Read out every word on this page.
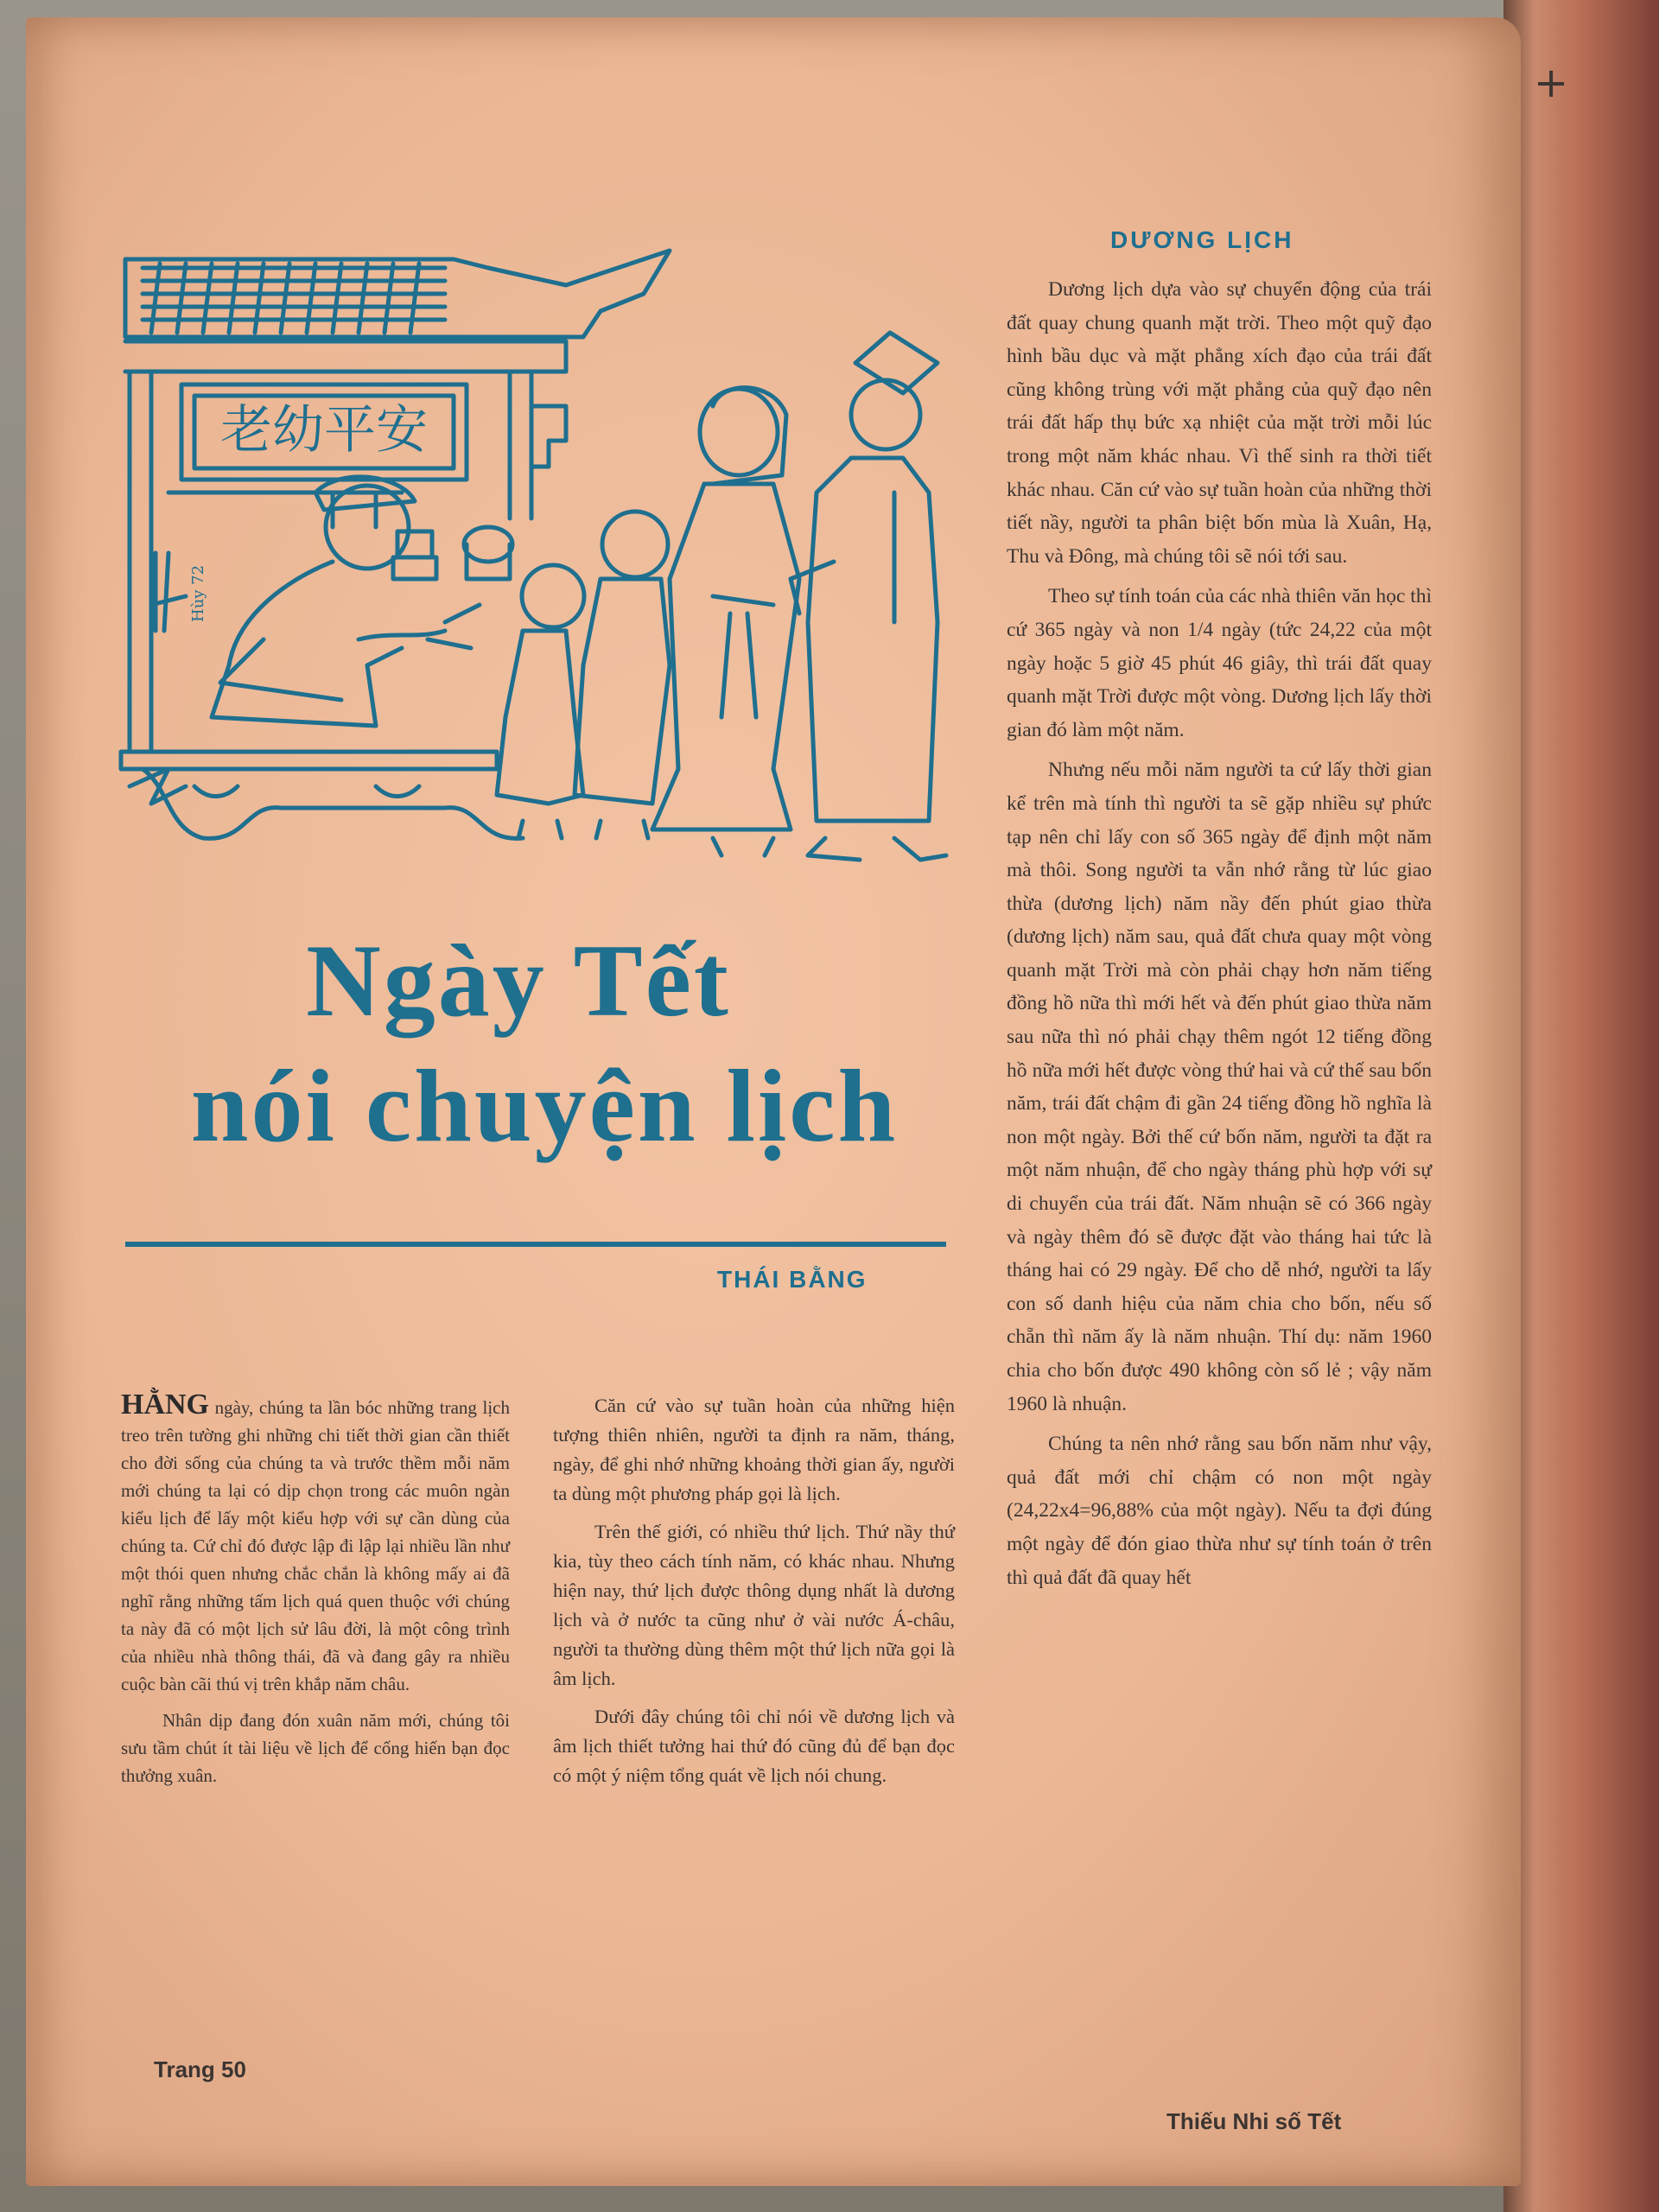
+
老幼平安
Hùy 72
Ngày Tết
nói chuyện lịch
THÁI BẰNG

HẰNG ngày, chúng ta lần bóc những trang lịch treo trên tường ghi những chi tiết thời gian cần thiết cho đời sống của chúng ta và trước thềm mỗi năm mới chúng ta lại có dịp chọn trong các muôn ngàn kiểu lịch để lấy một kiểu hợp với sự cần dùng của chúng ta. Cứ chỉ đó được lập đi lập lại nhiều lần như một thói quen nhưng chắc chắn là không mấy ai đã nghĩ rằng những tấm lịch quá quen thuộc với chúng ta này đã có một lịch sử lâu đời, là một công trình của nhiều nhà thông thái, đã và đang gây ra nhiều cuộc bàn cãi thú vị trên khắp năm châu.

Nhân dịp đang đón xuân năm mới, chúng tôi sưu tầm chút ít tài liệu về lịch để cống hiến bạn đọc thưởng xuân.

Căn cứ vào sự tuần hoàn của những hiện tượng thiên nhiên, người ta định ra năm, tháng, ngày, để ghi nhớ những khoảng thời gian ấy, người ta dùng một phương pháp gọi là lịch.

Trên thế giới, có nhiều thứ lịch. Thứ nầy thứ kia, tùy theo cách tính năm, có khác nhau. Nhưng hiện nay, thứ lịch được thông dụng nhất là dương lịch và ở nước ta cũng như ở vài nước Á-châu, người ta thường dùng thêm một thứ lịch nữa gọi là âm lịch.

Dưới đây chúng tôi chỉ nói về dương lịch và âm lịch thiết tưởng hai thứ đó cũng đủ để bạn đọc có một ý niệm tổng quát về lịch nói chung.

DƯƠNG LỊCH

Dương lịch dựa vào sự chuyển động của trái đất quay chung quanh mặt trời. Theo một quỹ đạo hình bầu dục và mặt phẳng xích đạo của trái đất cũng không trùng với mặt phẳng của quỹ đạo nên trái đất hấp thụ bức xạ nhiệt của mặt trời mỗi lúc trong một năm khác nhau. Vì thế sinh ra thời tiết khác nhau. Căn cứ vào sự tuần hoàn của những thời tiết nầy, người ta phân biệt bốn mùa là Xuân, Hạ, Thu và Đông, mà chúng tôi sẽ nói tới sau.

Theo sự tính toán của các nhà thiên văn học thì cứ 365 ngày và non 1/4 ngày (tức 24,22 của một ngày hoặc 5 giờ 45 phút 46 giây, thì trái đất quay quanh mặt Trời được một vòng. Dương lịch lấy thời gian đó làm một năm.

Nhưng nếu mỗi năm người ta cứ lấy thời gian kể trên mà tính thì người ta sẽ gặp nhiều sự phức tạp nên chỉ lấy con số 365 ngày để định một năm mà thôi. Song người ta vẫn nhớ rằng từ lúc giao thừa (dương lịch) năm nầy đến phút giao thừa (dương lịch) năm sau, quả đất chưa quay một vòng quanh mặt Trời mà còn phải chạy hơn năm tiếng đồng hồ nữa thì mới hết và đến phút giao thừa năm sau nữa thì nó phải chạy thêm ngót 12 tiếng đồng hồ nữa mới hết được vòng thứ hai và cứ thế sau bốn năm, trái đất chậm đi gần 24 tiếng đồng hồ nghĩa là non một ngày. Bởi thế cứ bốn năm, người ta đặt ra một năm nhuận, để cho ngày tháng phù hợp với sự di chuyển của trái đất. Năm nhuận sẽ có 366 ngày và ngày thêm đó sẽ được đặt vào tháng hai tức là tháng hai có 29 ngày. Để cho dễ nhớ, người ta lấy con số danh hiệu của năm chia cho bốn, nếu số chẵn thì năm ấy là năm nhuận. Thí dụ: năm 1960 chia cho bốn được 490 không còn số lẻ ; vậy năm 1960 là nhuận.

Chúng ta nên nhớ rằng sau bốn năm như vậy, quả đất mới chỉ chậm có non một ngày (24,22x4=96,88% của một ngày). Nếu ta đợi đúng một ngày để đón giao thừa như sự tính toán ở trên thì quả đất đã quay hết

Trang 50
Thiếu Nhi số Tết
